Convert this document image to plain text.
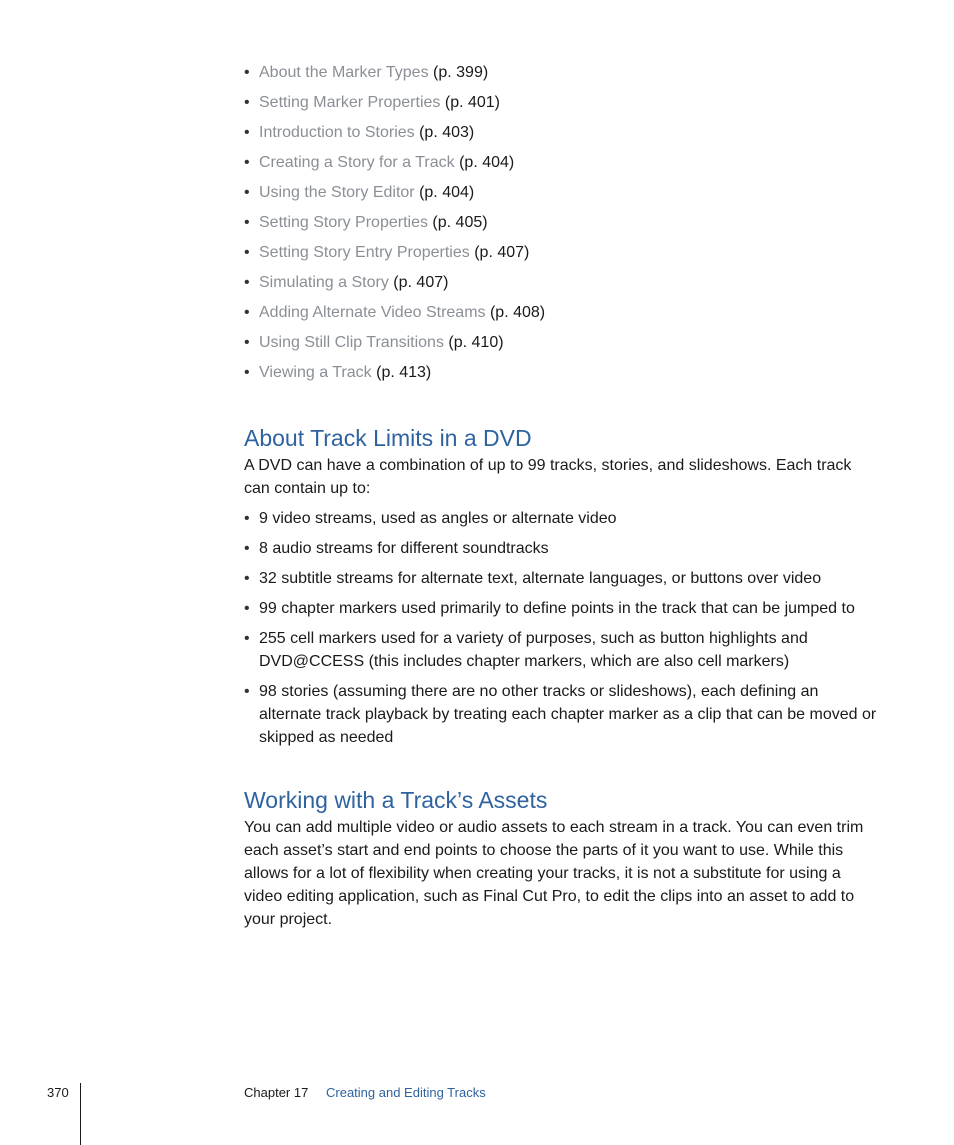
• About the Marker Types (p. 399)
• Setting Marker Properties (p. 401)
• Introduction to Stories (p. 403)
• Creating a Story for a Track (p. 404)
• Using the Story Editor (p. 404)
• Setting Story Properties (p. 405)
• Setting Story Entry Properties (p. 407)
• Simulating a Story (p. 407)
• Adding Alternate Video Streams (p. 408)
• Using Still Clip Transitions (p. 410)
• Viewing a Track (p. 413)
About Track Limits in a DVD

A DVD can have a combination of up to 99 tracks, stories, and slideshows. Each track can contain up to:

• 9 video streams, used as angles or alternate video
• 8 audio streams for different soundtracks
• 32 subtitle streams for alternate text, alternate languages, or buttons over video
• 99 chapter markers used primarily to define points in the track that can be jumped to
• 255 cell markers used for a variety of purposes, such as button highlights and DVD@CCESS (this includes chapter markers, which are also cell markers)
• 98 stories (assuming there are no other tracks or slideshows), each defining an alternate track playback by treating each chapter marker as a clip that can be moved or skipped as needed
Working with a Track’s Assets

You can add multiple video or audio assets to each stream in a track. You can even trim each asset’s start and end points to choose the parts of it you want to use. While this allows for a lot of flexibility when creating your tracks, it is not a substitute for using a video editing application, such as Final Cut Pro, to edit the clips into an asset to add to your project.

370	Chapter 17 Creating and Editing Tracks
